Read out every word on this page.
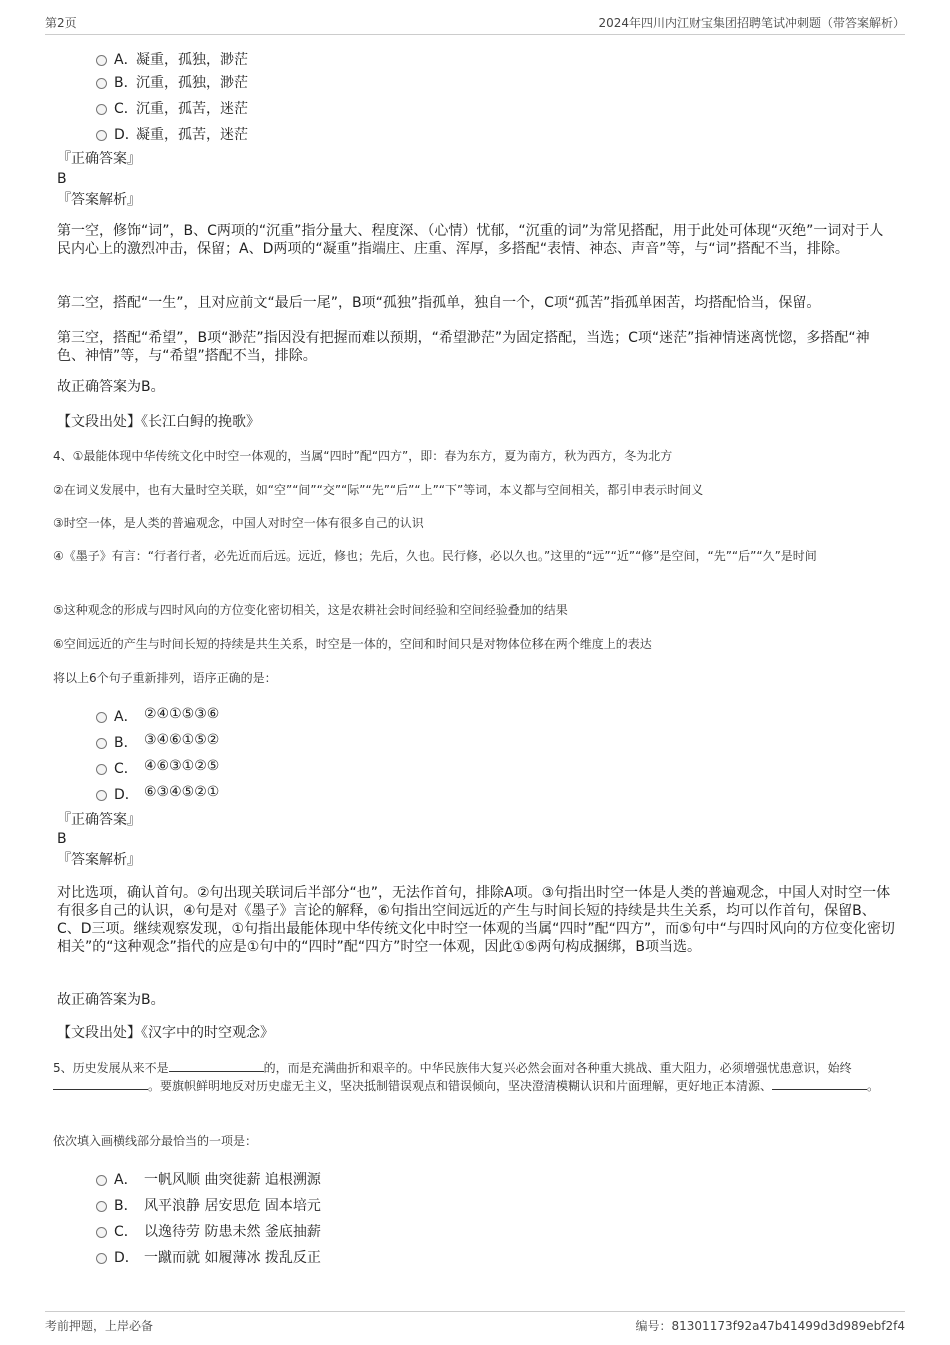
第2页	2024年四川内江财宝集团招聘笔试冲刺题（带答案解析）
A．
凝重，孤独，渺茫
B．
沉重，孤独，渺茫
C．
沉重，孤苦，迷茫
D．
凝重，孤苦，迷茫
『正确答案』
B
『答案解析』
第一空，修饰“词”，B、C两项的“沉重”指分量大、程度深、（心情）忧郁，“沉重的词”为常见搭配，用于此处可体现“灭绝”一词对于人民内心上的激烈冲击，保留；A、D两项的“凝重”指端庄、庄重、浑厚，多搭配“表情、神态、声音”等，与“词”搭配不当，排除。
第二空，搭配“一生”，且对应前文“最后一尾”，B项“孤独”指孤单，独自一个，C项“孤苦”指孤单困苦，均搭配恰当，保留。
第三空，搭配“希望”，B项“渺茫”指因没有把握而难以预期，“希望渺茫”为固定搭配，当选；C项“迷茫”指神情迷离恍惚，多搭配“神色、神情”等，与“希望”搭配不当，排除。
故正确答案为B。
【文段出处】《长江白鲟的挽歌》
4、①最能体现中华传统文化中时空一体观的，当属“四时”配“四方”，即：春为东方，夏为南方，秋为西方，冬为北方
②在词义发展中，也有大量时空关联，如“空”“间”“交”“际”“先”“后”“上”“下”等词，本义都与空间相关，都引申表示时间义
③时空一体，是人类的普遍观念，中国人对时空一体有很多自己的认识
④《墨子》有言：“行者行者，必先近而后远。远近，修也；先后，久也。民行修，必以久也。”这里的“远”“近”“修”是空间，“先”“后”“久”是时间
⑤这种观念的形成与四时风向的方位变化密切相关，这是农耕社会时间经验和空间经验叠加的结果
⑥空间远近的产生与时间长短的持续是共生关系，时空是一体的，空间和时间只是对物体位移在两个维度上的表达
将以上6个句子重新排列，语序正确的是：
A． ②④①⑤③⑥
B． ③④⑥①⑤②
C． ④⑥③①②⑤
D． ⑥③④⑤②①
『正确答案』
B
『答案解析』
对比选项，确认首句。②句出现关联词后半部分“也”，无法作首句，排除A项。③句指出时空一体是人类的普遍观念，中国人对时空一体有很多自己的认识，④句是对《墨子》言论的解释，⑥句指出空间远近的产生与时间长短的持续是共生关系，均可以作首句，保留B、C、D三项。继续观察发现，①句指出最能体现中华传统文化中时空一体观的当属“四时”配“四方”，而⑤句中“与四时风向的方位变化密切相关”的“这种观念”指代的应是①句中的“四时”配“四方”时空一体观，因此①⑤两句构成捆绑，B项当选。
故正确答案为B。
【文段出处】《汉字中的时空观念》
5、历史发展从来不是	的，而是充满曲折和艰辛的。中华民族伟大复兴必然会面对各种重大挑战、重大阻力，必须增强忧患意识，始终。要旗帜鲜明地反对历史虚无主义，坚决抵制错误观点和错误倾向，坚决澄清模糊认识和片面理解，更好地正本清源、	。
依次填入画横线部分最恰当的一项是：
A． 一帆风顺 曲突徙薪 追根溯源
B． 风平浪静 居安思危 固本培元
C． 以逸待劳 防患未然 釜底抽薪
D． 一蹴而就 如履薄冰 拨乱反正
考前押题，上岸必备	编号：81301173f92a47b41499d3d989ebf2f4
